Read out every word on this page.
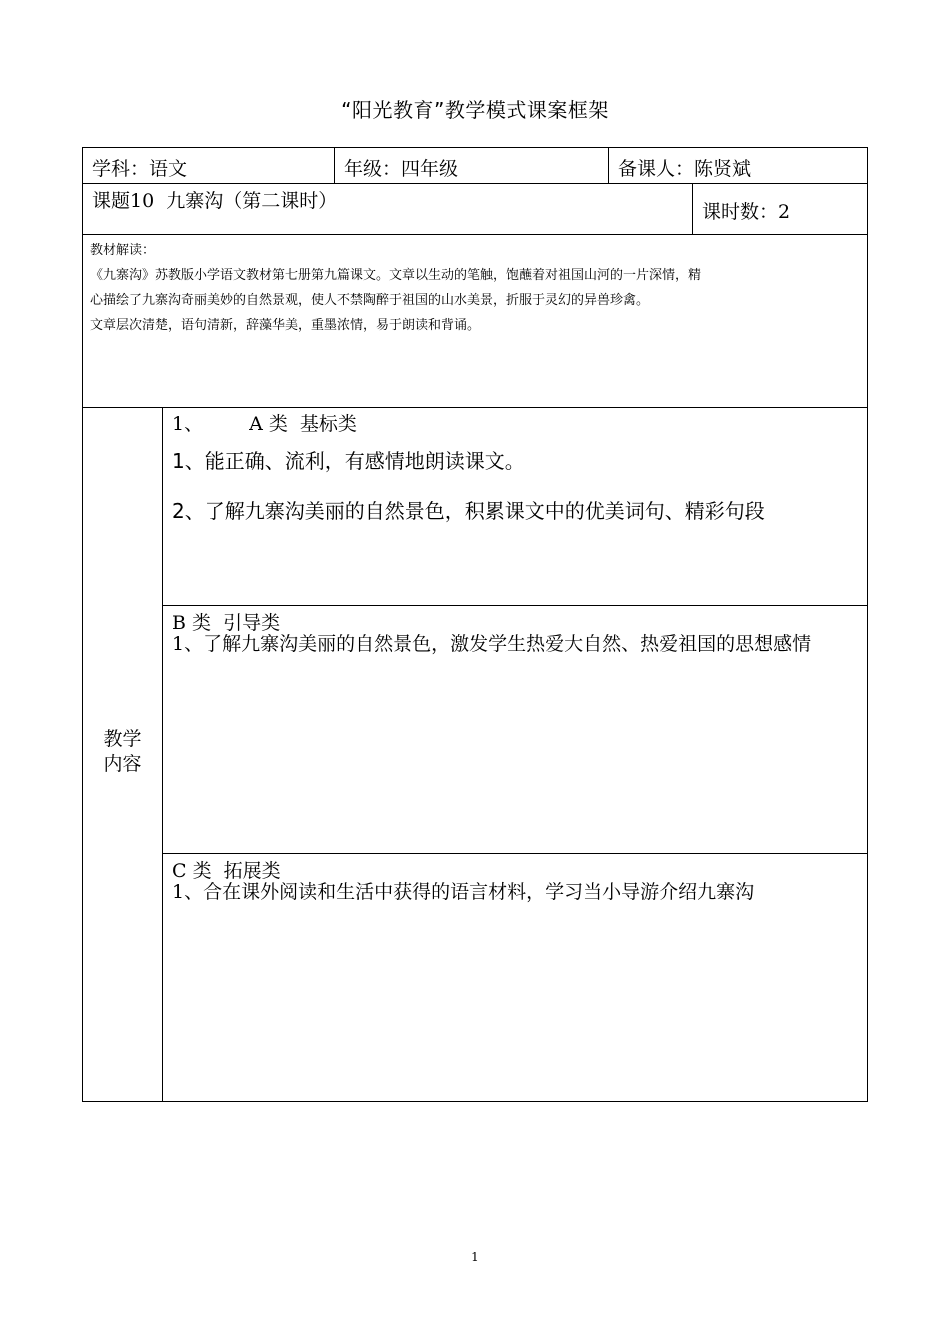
“阳光教育”教学模式课案框架
学科：语文	年级：四年级	备课人：陈贤斌
课题10  九寨沟（第二课时）	课时数：2
教材解读：
《九寨沟》苏教版小学语文教材第七册第九篇课文。文章以生动的笔触，饱蘸着对祖国山河的一片深情，精
心描绘了九寨沟奇丽美妙的自然景观，使人不禁陶醉于祖国的山水美景，折服于灵幻的异兽珍禽。
文章层次清楚，语句清新，辞藻华美，重墨浓情，易于朗读和背诵。
教学
内容
1、 A 类  基标类
1、能正确、流利，有感情地朗读课文。
2、了解九寨沟美丽的自然景色，积累课文中的优美词句、精彩句段
B 类  引导类
1、了解九寨沟美丽的自然景色，激发学生热爱大自然、热爱祖国的思想感情
C 类  拓展类
1、合在课外阅读和生活中获得的语言材料，学习当小导游介绍九寨沟
1
